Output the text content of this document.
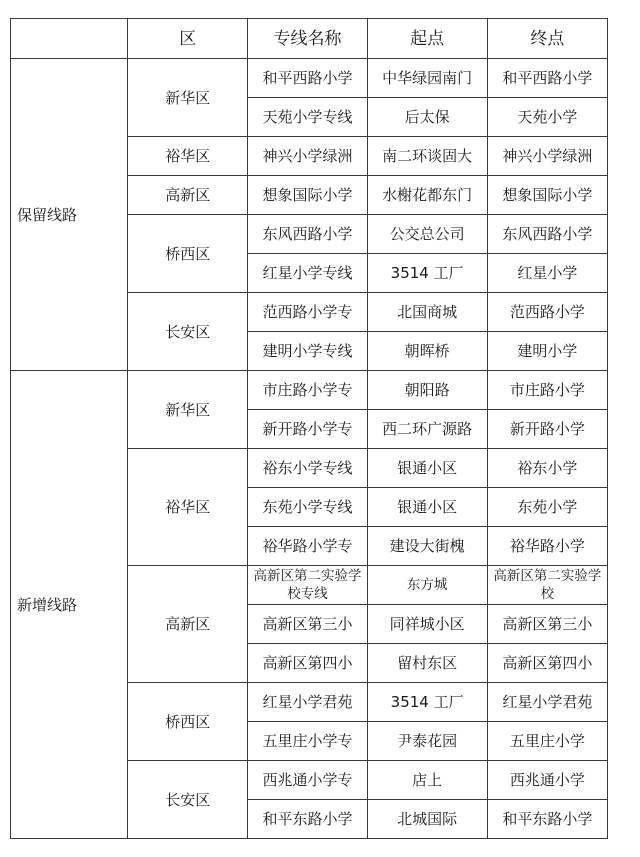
	区	专线名称	起点	终点
保留线路	新华区	和平西路小学	中华绿园南门	和平西路小学
		天苑小学专线	后太保	天苑小学
	裕华区	神兴小学绿洲	南二环谈固大	神兴小学绿洲
	高新区	想象国际小学	水榭花都东门	想象国际小学
	桥西区	东风西路小学	公交总公司	东风西路小学
		红星小学专线	3514 工厂	红星小学
	长安区	范西路小学专	北国商城	范西路小学
		建明小学专线	朝晖桥	建明小学
新增线路	新华区	市庄路小学专	朝阳路	市庄路小学
		新开路小学专	西二环广源路	新开路小学
	裕华区	裕东小学专线	银通小区	裕东小学
		东苑小学专线	银通小区	东苑小学
		裕华路小学专	建设大街槐	裕华路小学
	高新区	高新区第二实验学校专线	东方城	高新区第二实验学校
		高新区第三小	同祥城小区	高新区第三小
		高新区第四小	留村东区	高新区第四小
	桥西区	红星小学君苑	3514 工厂	红星小学君苑
		五里庄小学专	尹泰花园	五里庄小学
	长安区	西兆通小学专	店上	西兆通小学
		和平东路小学	北城国际	和平东路小学
